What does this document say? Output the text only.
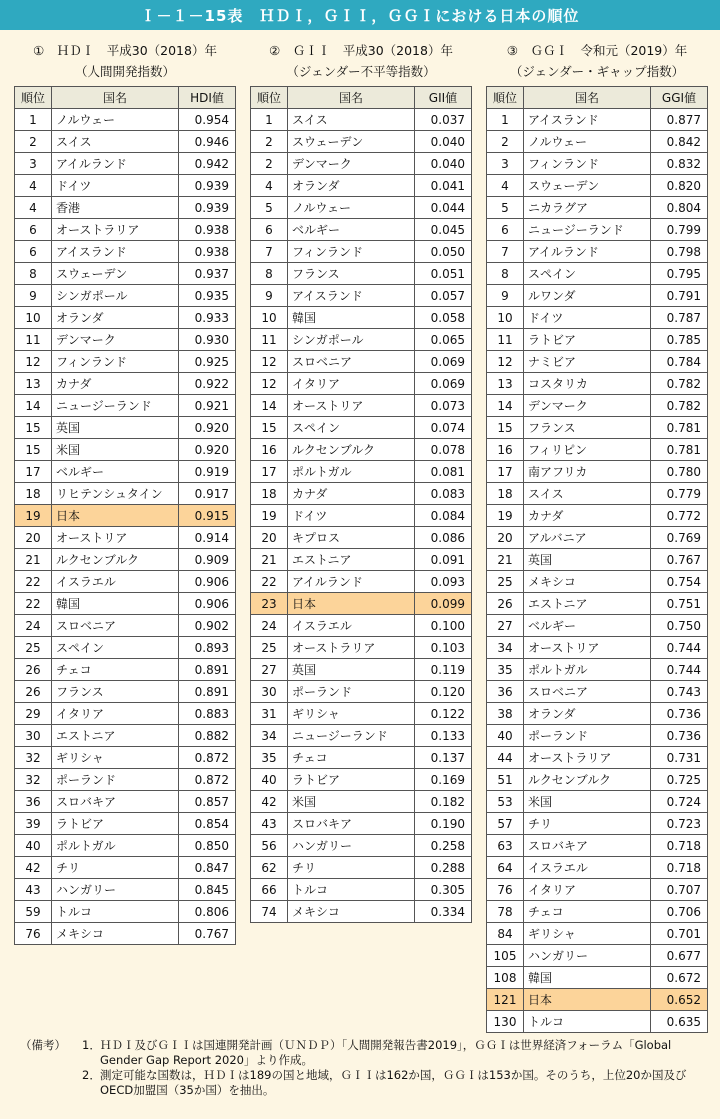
Ｉ－１－15表　ＨＤＩ，ＧＩＩ，ＧＧＩにおける日本の順位
①　ＨＤＩ　平成30（2018）年
（人間開発指数）
順位	国名	HDI値
1	ノルウェー	0.954
2	スイス	0.946
3	アイルランド	0.942
4	ドイツ	0.939
4	香港	0.939
6	オーストラリア	0.938
6	アイスランド	0.938
8	スウェーデン	0.937
9	シンガポール	0.935
10	オランダ	0.933
11	デンマーク	0.930
12	フィンランド	0.925
13	カナダ	0.922
14	ニュージーランド	0.921
15	英国	0.920
15	米国	0.920
17	ベルギー	0.919
18	リヒテンシュタイン	0.917
19	日本	0.915
20	オーストリア	0.914
21	ルクセンブルク	0.909
22	イスラエル	0.906
22	韓国	0.906
24	スロベニア	0.902
25	スペイン	0.893
26	チェコ	0.891
26	フランス	0.891
29	イタリア	0.883
30	エストニア	0.882
32	ギリシャ	0.872
32	ポーランド	0.872
36	スロバキア	0.857
39	ラトビア	0.854
40	ポルトガル	0.850
42	チリ	0.847
43	ハンガリー	0.845
59	トルコ	0.806
76	メキシコ	0.767
②　ＧＩＩ　平成30（2018）年
（ジェンダー不平等指数）
順位	国名	GII値
1	スイス	0.037
2	スウェーデン	0.040
2	デンマーク	0.040
4	オランダ	0.041
5	ノルウェー	0.044
6	ベルギー	0.045
7	フィンランド	0.050
8	フランス	0.051
9	アイスランド	0.057
10	韓国	0.058
11	シンガポール	0.065
12	スロベニア	0.069
12	イタリア	0.069
14	オーストリア	0.073
15	スペイン	0.074
16	ルクセンブルク	0.078
17	ポルトガル	0.081
18	カナダ	0.083
19	ドイツ	0.084
20	キプロス	0.086
21	エストニア	0.091
22	アイルランド	0.093
23	日本	0.099
24	イスラエル	0.100
25	オーストラリア	0.103
27	英国	0.119
30	ポーランド	0.120
31	ギリシャ	0.122
34	ニュージーランド	0.133
35	チェコ	0.137
40	ラトビア	0.169
42	米国	0.182
43	スロバキア	0.190
56	ハンガリー	0.258
62	チリ	0.288
66	トルコ	0.305
74	メキシコ	0.334
③　ＧＧＩ　令和元（2019）年
（ジェンダー・ギャップ指数）
順位	国名	GGI値
1	アイスランド	0.877
2	ノルウェー	0.842
3	フィンランド	0.832
4	スウェーデン	0.820
5	ニカラグア	0.804
6	ニュージーランド	0.799
7	アイルランド	0.798
8	スペイン	0.795
9	ルワンダ	0.791
10	ドイツ	0.787
11	ラトビア	0.785
12	ナミビア	0.784
13	コスタリカ	0.782
14	デンマーク	0.782
15	フランス	0.781
16	フィリピン	0.781
17	南アフリカ	0.780
18	スイス	0.779
19	カナダ	0.772
20	アルバニア	0.769
21	英国	0.767
25	メキシコ	0.754
26	エストニア	0.751
27	ベルギー	0.750
34	オーストリア	0.744
35	ポルトガル	0.744
36	スロベニア	0.743
38	オランダ	0.736
40	ポーランド	0.736
44	オーストラリア	0.731
51	ルクセンブルク	0.725
53	米国	0.724
57	チリ	0.723
63	スロバキア	0.718
64	イスラエル	0.718
76	イタリア	0.707
78	チェコ	0.706
84	ギリシャ	0.701
105	ハンガリー	0.677
108	韓国	0.672
121	日本	0.652
130	トルコ	0.635
（備考）	1． ＨＤＩ及びＧＩＩは国連開発計画（ＵＮＤＰ）「人間開発報告書2019」，ＧＧＩは世界経済フォーラム「Global Gender Gap Report 2020」より作成。
2． 測定可能な国数は，ＨＤＩは189の国と地域，ＧＩＩは162か国，ＧＧＩは153か国。そのうち，上位20か国及びOECD加盟国（35か国）を抽出。
